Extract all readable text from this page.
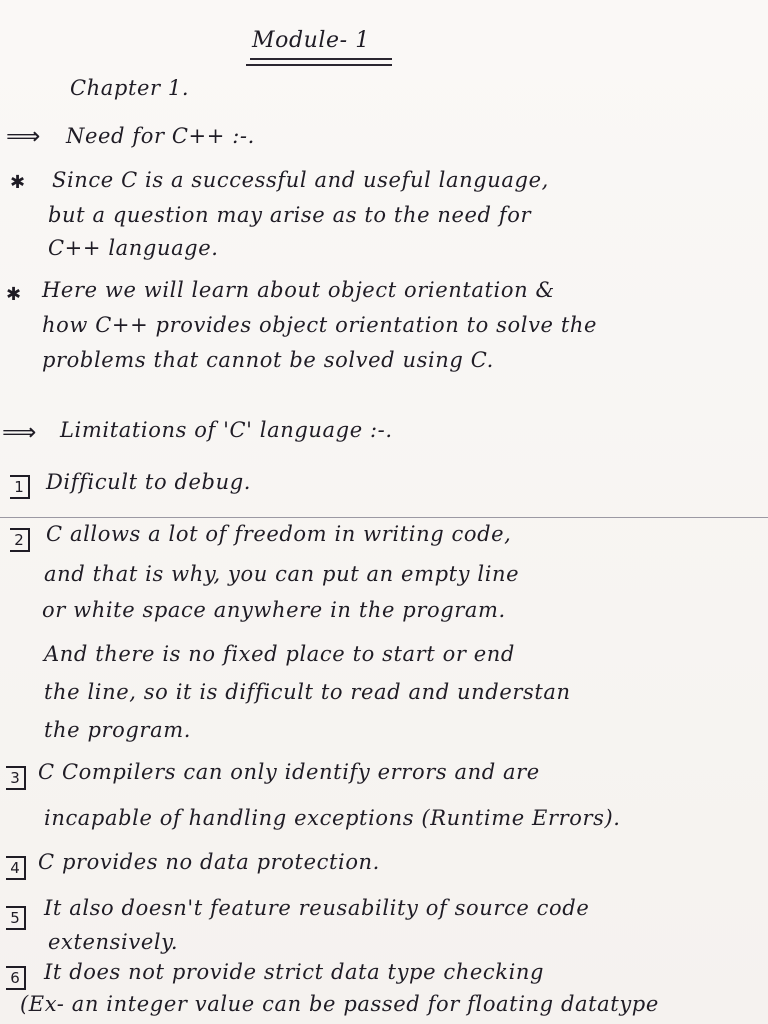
Module- 1
Chapter 1.
⟹ Need for C++ :-.
✱ Since C is a successful and useful language,
but a question may arise as to the need for
C++ language.
✱ Here we will learn about object orientation &
how C++ provides object orientation to solve the
problems that cannot be solved using C.
⟹ Limitations of 'C' language :-.
1 Difficult to debug.
2 C allows a lot of freedom in writing code,
and that is why, you can put an empty line
or white space anywhere in the program.
And there is no fixed place to start or end
the line, so it is difficult to read and understan
the program.
3 C Compilers can only identify errors and are
incapable of handling exceptions (Runtime Errors).
4 C provides no data protection.
5 It also doesn't feature reusability of source code
extensively.
6 It does not provide strict data type checking
(Ex- an integer value can be passed for floating datatype
